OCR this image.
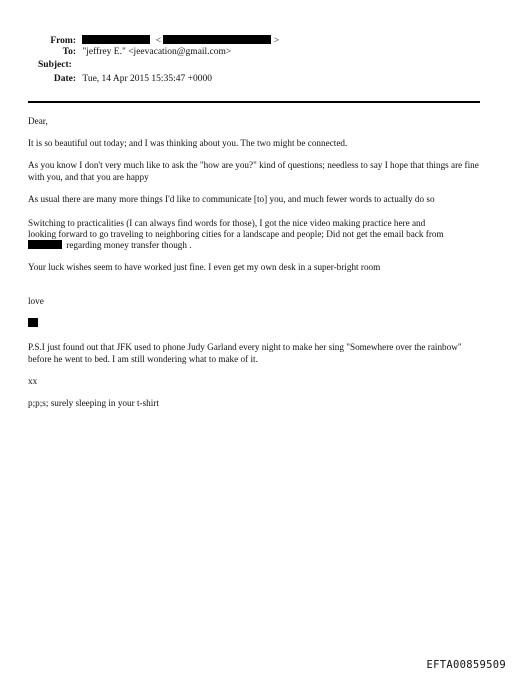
From:	<	>
To: "jeffrey E." <jeevacation@gmail.com>
Subject:
Date: Tue, 14 Apr 2015 15:35:47 +0000

Dear,

It is so beautiful out today; and I was thinking about you. The two might be connected.

As you know I don't very much like to ask the "how are you?" kind of questions; needless to say I hope that things are fine with you, and that you are happy

As usual there are many more things I'd like to communicate [to] you, and much fewer words to actually do so

Switching to practicalities (I can always find words for those), I got the nice video making practice here and

looking forward to go traveling to neighboring cities for a landscape and people; Did not get the email back from

regarding money transfer though .

Your luck wishes seem to have worked just fine. I even get my own desk in a super-bright room

love

P.S.I just found out that JFK used to phone Judy Garland every night to make her sing "Somewhere over the rainbow" before he went to bed. I am still wondering what to make of it.

xx

p;p;s; surely sleeping in your t-shirt

EFTA00859509
